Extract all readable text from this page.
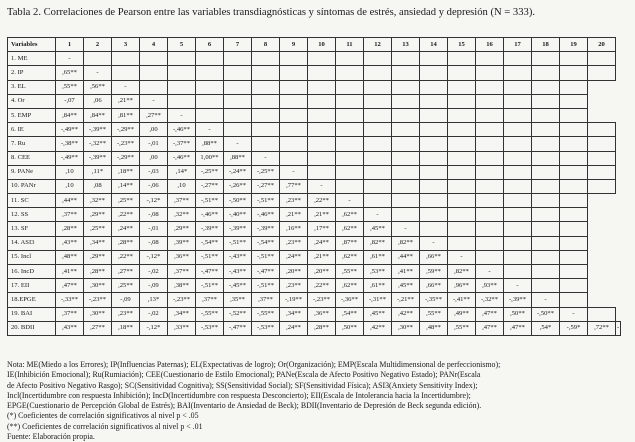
Tabla 2. Correlaciones de Pearson entre las variables transdiagnósticas y síntomas de estrés, ansiedad y depresión (N = 333).
Variables	1	2	3	4	5	6	7	8	9	10	11	12	13	14	15	16	17	18	19	20	
1. ME	-																				
2. IP	,65**	-																			
3. EL	,55**	,56**	-																		
4. Or	-,07	,06	,21**	-																	
5. EMP	,84**	,84**	,81**	,27**	-																
6. IE	-,49**	-,39**	-,29**	,00	-,46**	-															
7. Ru	-,38**	-,32**	-,23**	-,01	-,37**	,88**	-														
8. CEE	-,49**	-,39**	-,29**	,00	-,46**	1,00**	,88**	-													
9. PANe	,10	,11*	,18**	-,03	,14*	-,25**	-,24**	-,25**	-												
10. PANr	,10	,08	,14**	-,06	,10	-,27**	-,26**	-,27**	,77**	-											
11. SC	,44**	,32**	,25**	-,12*	,37**	-,51**	-,50**	-,51**	,23**	,22**	-										
12. SS	,37**	,29**	,22**	-,08	,32**	-,46**	-,40**	-,46**	,21**	,21**	,62**	-									
13. SF	,28**	,25**	,24**	-,01	,29**	-,39**	-,39**	-,39**	,16**	,17**	,62**	,45**	-								
14. ASI3	,43**	,34**	,28**	-,08	,39**	-,54**	-,51**	-,54**	,23**	,24**	,87**	,82**	,82**	-							
15. Incl	,48**	,29**	,22**	-,12*	,36**	-,51**	-,43**	-,51**	,24**	,21**	,62**	,61**	,44**	,66**	-						
16. IncD	,41**	,28**	,27**	-,02	,37**	-,47**	-,43**	-,47**	,20**	,20**	,55**	,53**	,41**	,59**	,82**	-					
17. EII	,47**	,30**	,25**	-,09	,38**	-,51**	-,45**	-,51**	,23**	,22**	,62**	,61**	,45**	,66**	,96**	,93**	-				
18.EPGE	-,33**	-,23**	-,09	,13*	-,23**	,37**	,35**	,37**	-,19**	-,23**	-,36**	-,31**	-,21**	-,35**	-,41**	-,32**	-,39**	-			
19. BAI	,37**	,30**	,23**	-,02	,34**	-,55**	-,52**	-,55**	,34**	,36**	,54**	,45**	,42**	,55**	,49**	,47**	,50**	-,50**	-		
20. BDII	,43**	,27**	,18**	-,12*	,33**	-,53**	-,47**	-,53**	,24**	,28**	,50**	,42**	,30**	,48**	,55**	,47**	,47**	,54*	-,59*	,72**	-
Nota: ME(Miedo a los Errores); IP(Influencias Paternas); EL(Expectativas de logro); Or(Organización); EMP(Escala Multidimensional de perfeccionismo);
IE(Inhibición Emocional); Ru(Rumiación); CEE(Cuestionario de Estilo Emocional); PANe(Escala de Afecto Positivo Negativo Estado); PANr(Escala
de Afecto Positivo Negativo Rasgo); SC(Sensitividad Cognitiva); SS(Sensitividad Social); SF(Sensitividad Física); ASI3(Anxiety Sensitivity Index);
Incl(Incertidumbre con respuesta Inhibición); IncD(Incertidumbre con respuesta Desconcierto); EII(Escala de Intolerancia hacia la Incertidumbre);
EPGE(Cuestionario de Percepción Global de Estrés); BAI(Inventario de Ansiedad de Beck); BDII(Inventario de Depresión de Beck segunda edición).
(*) Coeficientes de correlación significativos al nivel p < .05
(**) Coeficientes de correlación significativos al nivel p < .01
Fuente: Elaboración propia.
